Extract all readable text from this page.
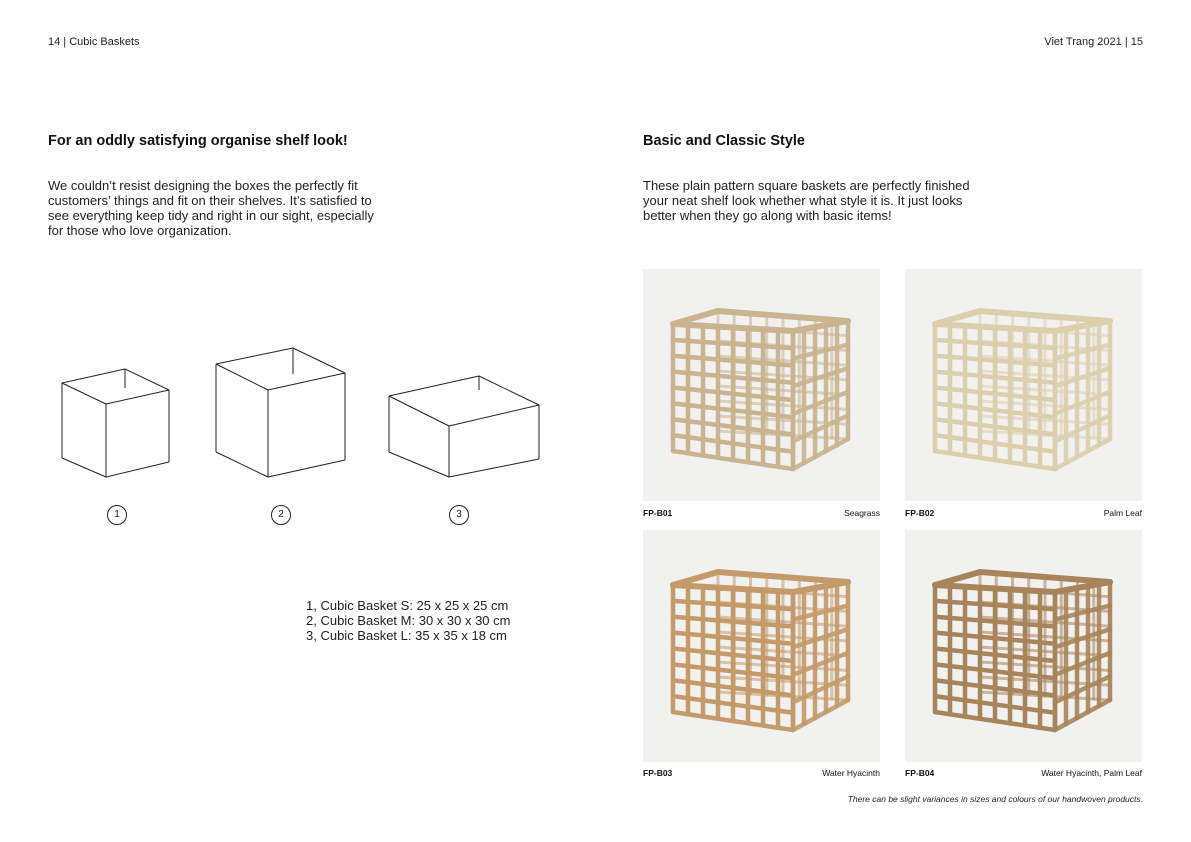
14 | Cubic Baskets	Viet Trang 2021 | 15
For an oddly satisfying organise shelf look!
We couldn’t resist designing the boxes the perfectly fit
customers’ things and fit on their shelves. It’s satisfied to
see everything keep tidy and right in our sight, especially
for those who love organization.
1	2	3
1, Cubic Basket S: 25 x 25 x 25 cm
2, Cubic Basket M: 30 x 30 x 30 cm
3, Cubic Basket L: 35 x 35 x 18 cm
Basic and Classic Style
These plain pattern square baskets are perfectly finished
your neat shelf look whether what style it is. It just looks
better when they go along with basic items!
FP-B01	Seagrass	FP-B02	Palm Leaf
FP-B03	Water Hyacinth	FP-B04	Water Hyacinth, Palm Leaf
There can be slight variances in sizes and colours of our handwoven products.
